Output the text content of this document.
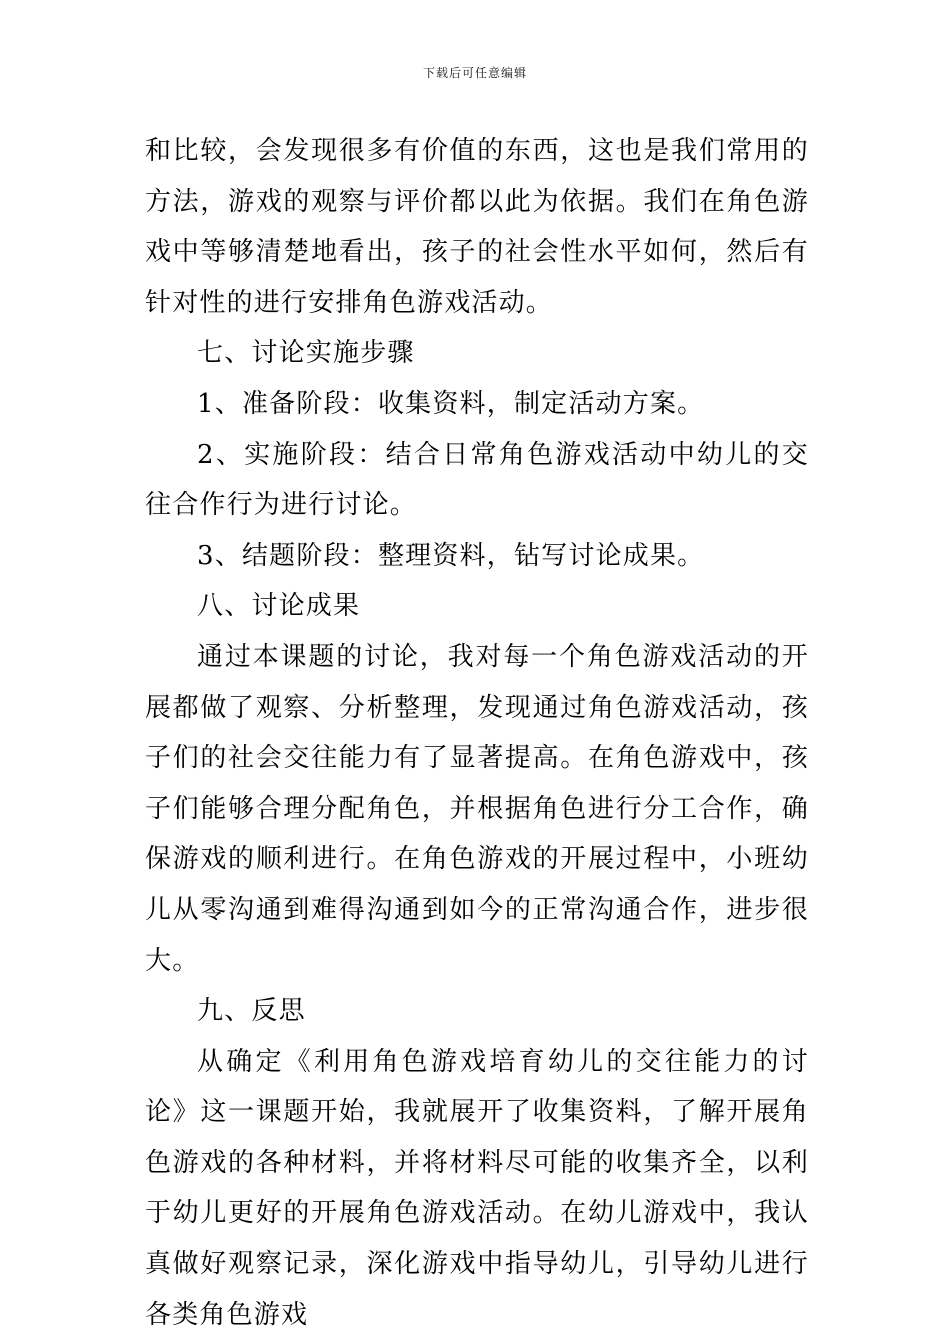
下载后可任意编辑

和比较，会发现很多有价值的东西，这也是我们常用的方法，游戏的观察与评价都以此为依据。我们在角色游戏中等够清楚地看出，孩子的社会性水平如何，然后有针对性的进行安排角色游戏活动。

七、讨论实施步骤

1、准备阶段：收集资料，制定活动方案。

2、实施阶段：结合日常角色游戏活动中幼儿的交往合作行为进行讨论。

3、结题阶段：整理资料，钻写讨论成果。

八、讨论成果

通过本课题的讨论，我对每一个角色游戏活动的开展都做了观察、分析整理，发现通过角色游戏活动，孩子们的社会交往能力有了显著提高。在角色游戏中，孩子们能够合理分配角色，并根据角色进行分工合作，确保游戏的顺利进行。在角色游戏的开展过程中，小班幼儿从零沟通到难得沟通到如今的正常沟通合作，进步很大。

九、反思

从确定《利用角色游戏培育幼儿的交往能力的讨论》这一课题开始，我就展开了收集资料，了解开展角色游戏的各种材料，并将材料尽可能的收集齐全，以利于幼儿更好的开展角色游戏活动。在幼儿游戏中，我认真做好观察记录，深化游戏中指导幼儿，引导幼儿进行各类角色游戏
